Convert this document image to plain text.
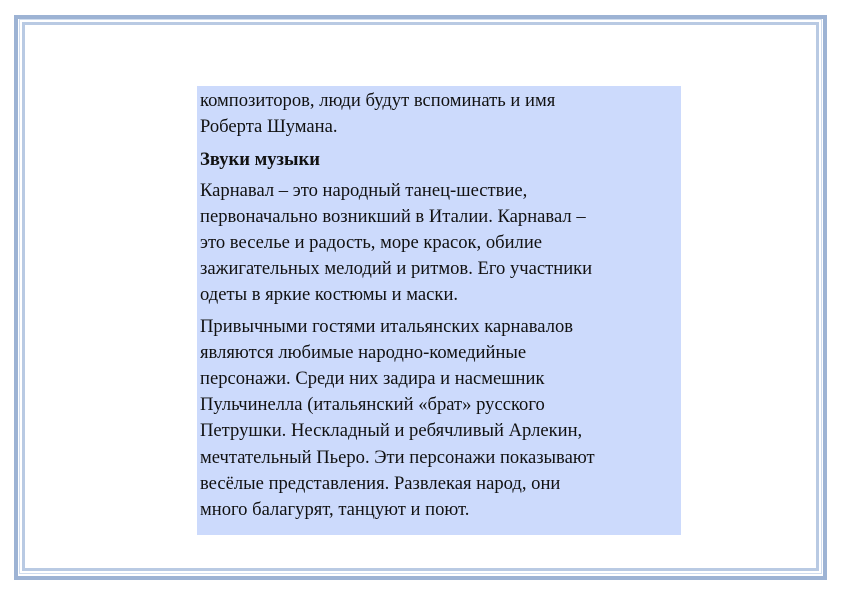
композиторов, люди будут вспоминать и имя

Роберта Шумана.

Звуки музыки

Карнавал – это народный танец-шествие,

первоначально возникший в Италии. Карнавал –

это веселье и радость, море красок, обилие

зажигательных мелодий и ритмов. Его участники

одеты в яркие костюмы и маски.

Привычными гостями итальянских карнавалов

являются любимые народно-комедийные

персонажи. Среди них задира и насмешник

Пульчинелла (итальянский «брат» русского

Петрушки. Нескладный и ребячливый Арлекин,

мечтательный Пьеро. Эти персонажи показывают

весёлые представления. Развлекая народ, они

много балагурят, танцуют и поют.
